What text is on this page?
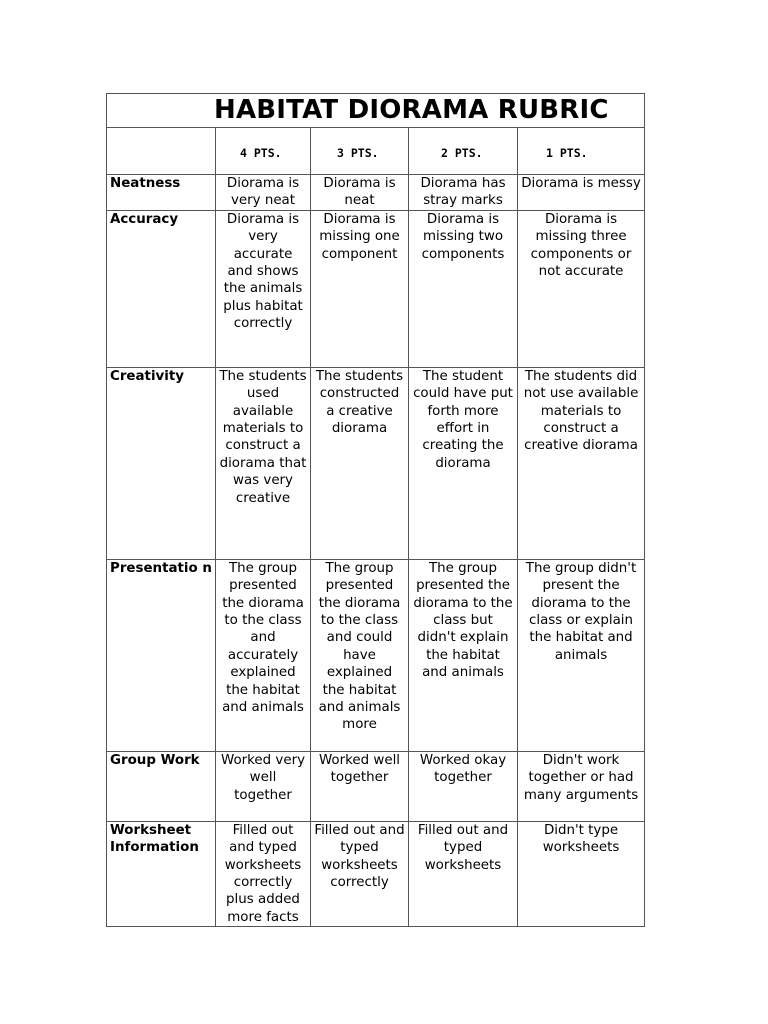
HABITAT DIORAMA RUBRIC				

	4 PTS.	3 PTS.	2 PTS.	1 PTS.

Neatness	Diorama is very neat	Diorama is neat	Diorama has stray marks	Diorama is messy
Accuracy	Diorama is very accurate and shows the animals plus habitat correctly	Diorama is missing one component	Diorama is missing two components	Diorama is missing three components or not accurate
Creativity	The students used available materials to construct a diorama that was very creative	The students constructed a creative diorama	The student could have put forth more effort in creating the diorama	The students did not use available materials to construct a creative diorama
Presentatio n	The group presented the diorama to the class and accurately explained the habitat and animals	The group presented the diorama to the class and could have explained the habitat and animals more	The group presented the diorama to the class but didn't explain the habitat and animals	The group didn't present the diorama to the class or explain the habitat and animals
Group Work	Worked very well together	Worked well together	Worked okay together	Didn't work together or had many arguments
Worksheet Information	Filled out and typed worksheets correctly plus added more facts	Filled out and typed worksheets correctly	Filled out and typed worksheets	Didn't type worksheets
